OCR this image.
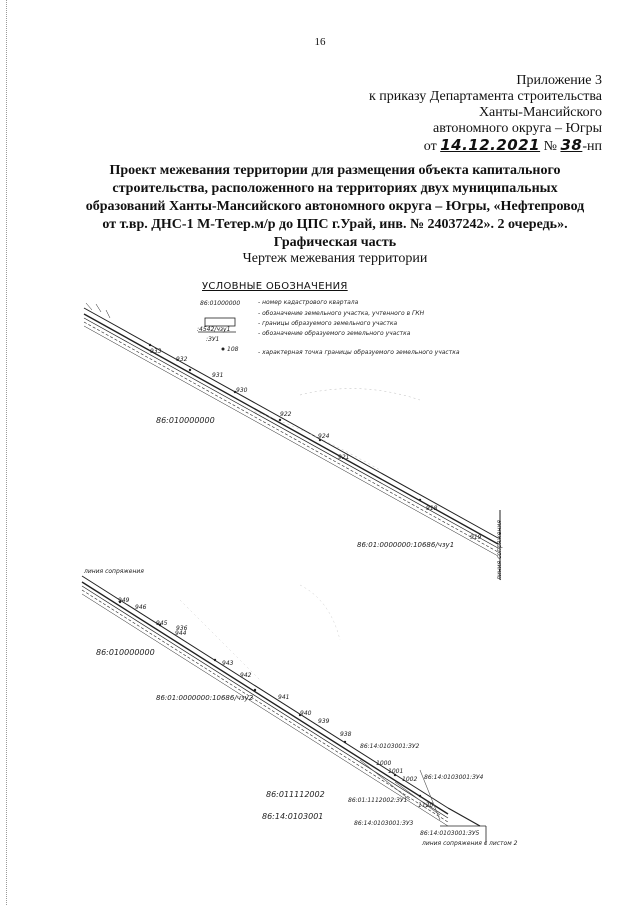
16
Приложение 3
к приказу Департамента строительства
Ханты-Мансийского
автономного округа – Югры
от 14.12.2021 № 38-нп
Проект межевания территории для размещения объекта капитального
строительства, расположенного на территориях двух муниципальных
образований Ханты-Мансийского автономного округа – Югры, «Нефтепровод
от т.вр. ДНС-1 М-Тетер.м/р до ЦПС г.Урай, инв. № 24037242». 2 очередь».
Графическая часть
Чертеж межевания территории
УСЛОВНЫЕ ОБОЗНАЧЕНИЯ
86:01000000
:4542/чзу1
:ЗУ1
108
- номер кадастрового квартала
- обозначение земельного участка, учтенного в ГКН
- границы образуемого земельного участка
- обозначение образуемого земельного участка
- характерная точка границы образуемого земельного участка
86:010000000
86:01:0000000:10686/чзу1	линия сопряжения
933
932
931
930
922
924
921
918
919
линия сопряжения
86:010000000
86:01:0000000:10686/чзу2
86:011112002
86:14:0103001
86:14:0103001:ЗУ2
86:14:0103001:ЗУ4
86:01:1112002:ЗУ1
86:14:0103001:ЗУ3
86:14:0103001:ЗУ5
линия сопряжения с листом 2
949
946
945
944
943
942
941
940
939
938
936
1000
1001
1002
1120
